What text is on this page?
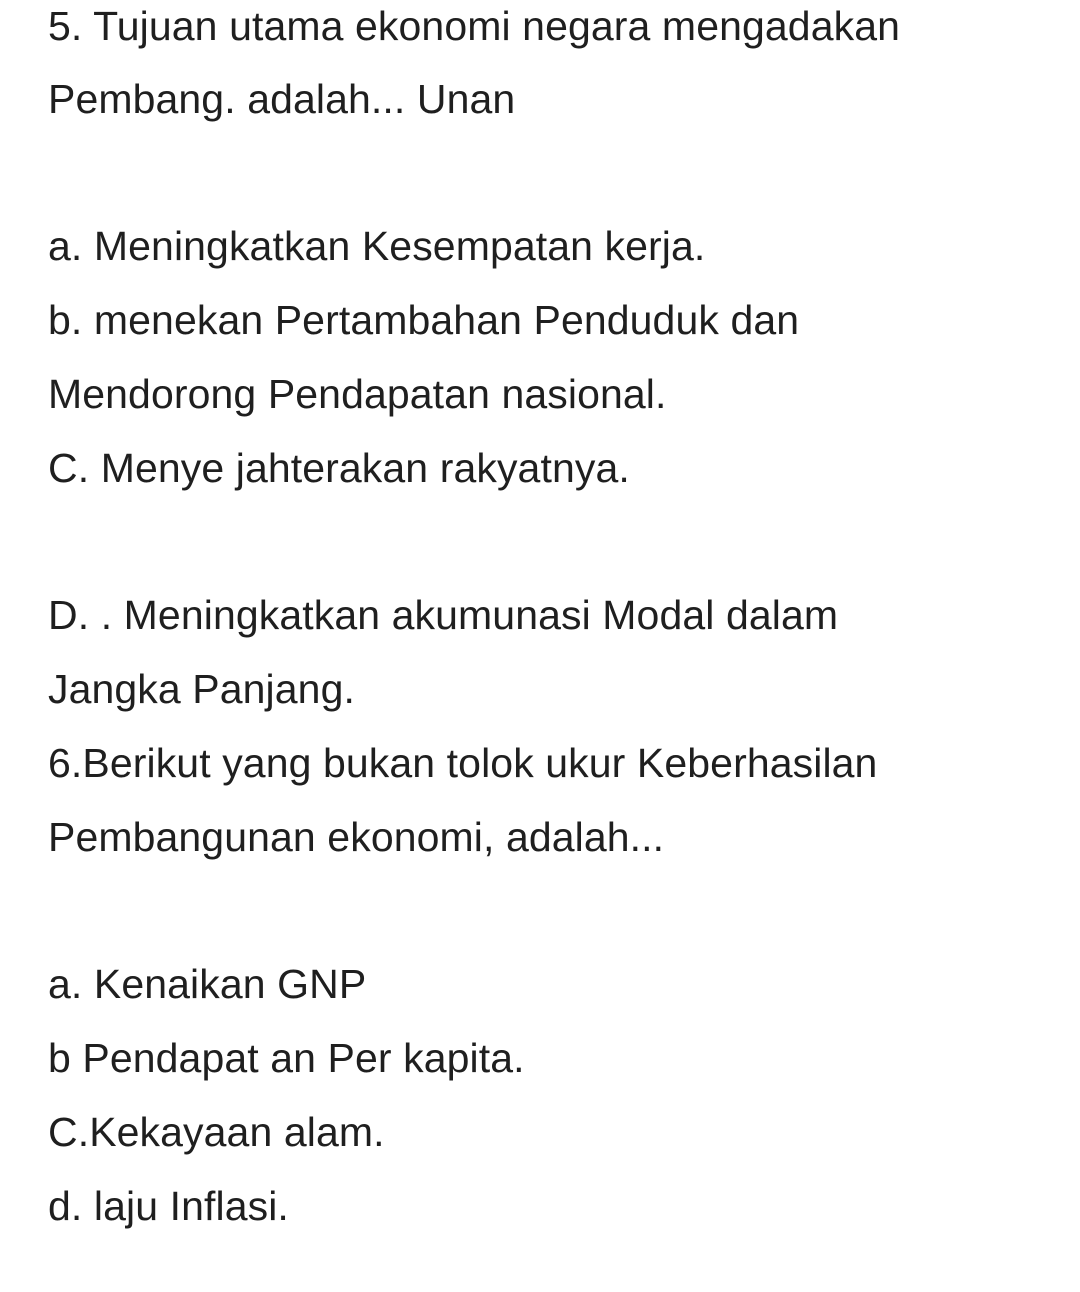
5. Tujuan utama ekonomi negara mengadakan
Pembang. adalah... Unan
a. Meningkatkan Kesempatan kerja.
b. menekan Pertambahan Penduduk dan
Mendorong Pendapatan nasional.
C. Menye jahterakan rakyatnya.
D. . Meningkatkan akumunasi Modal dalam
Jangka Panjang.
6.Berikut yang bukan tolok ukur Keberhasilan
Pembangunan ekonomi, adalah...
a. Kenaikan GNP
b Pendapat an Per kapita.
C.Kekayaan alam.
d. laju Inflasi.
